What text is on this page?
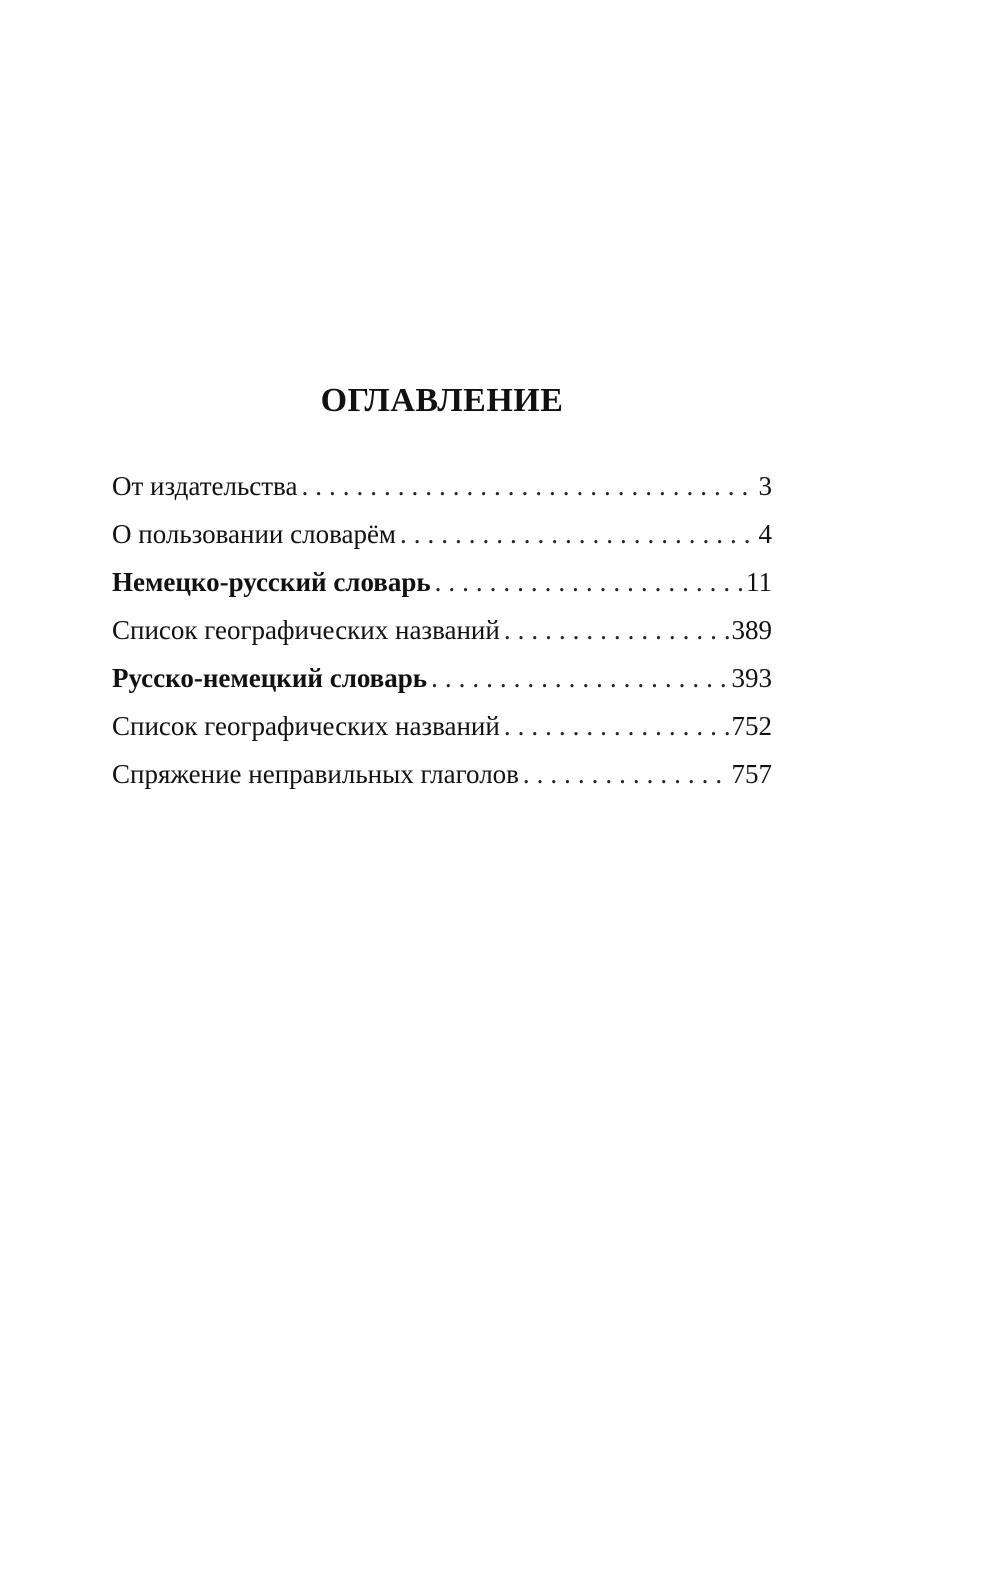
ОГЛАВЛЕНИЕ
От издательства .....	3
О пользовании словарём .....	4
Немецко-русский словарь .....	11
Список географических названий .....	389
Русско-немецкий словарь .....	393
Список географических названий .....	752
Спряжение неправильных глаголов .....	757
